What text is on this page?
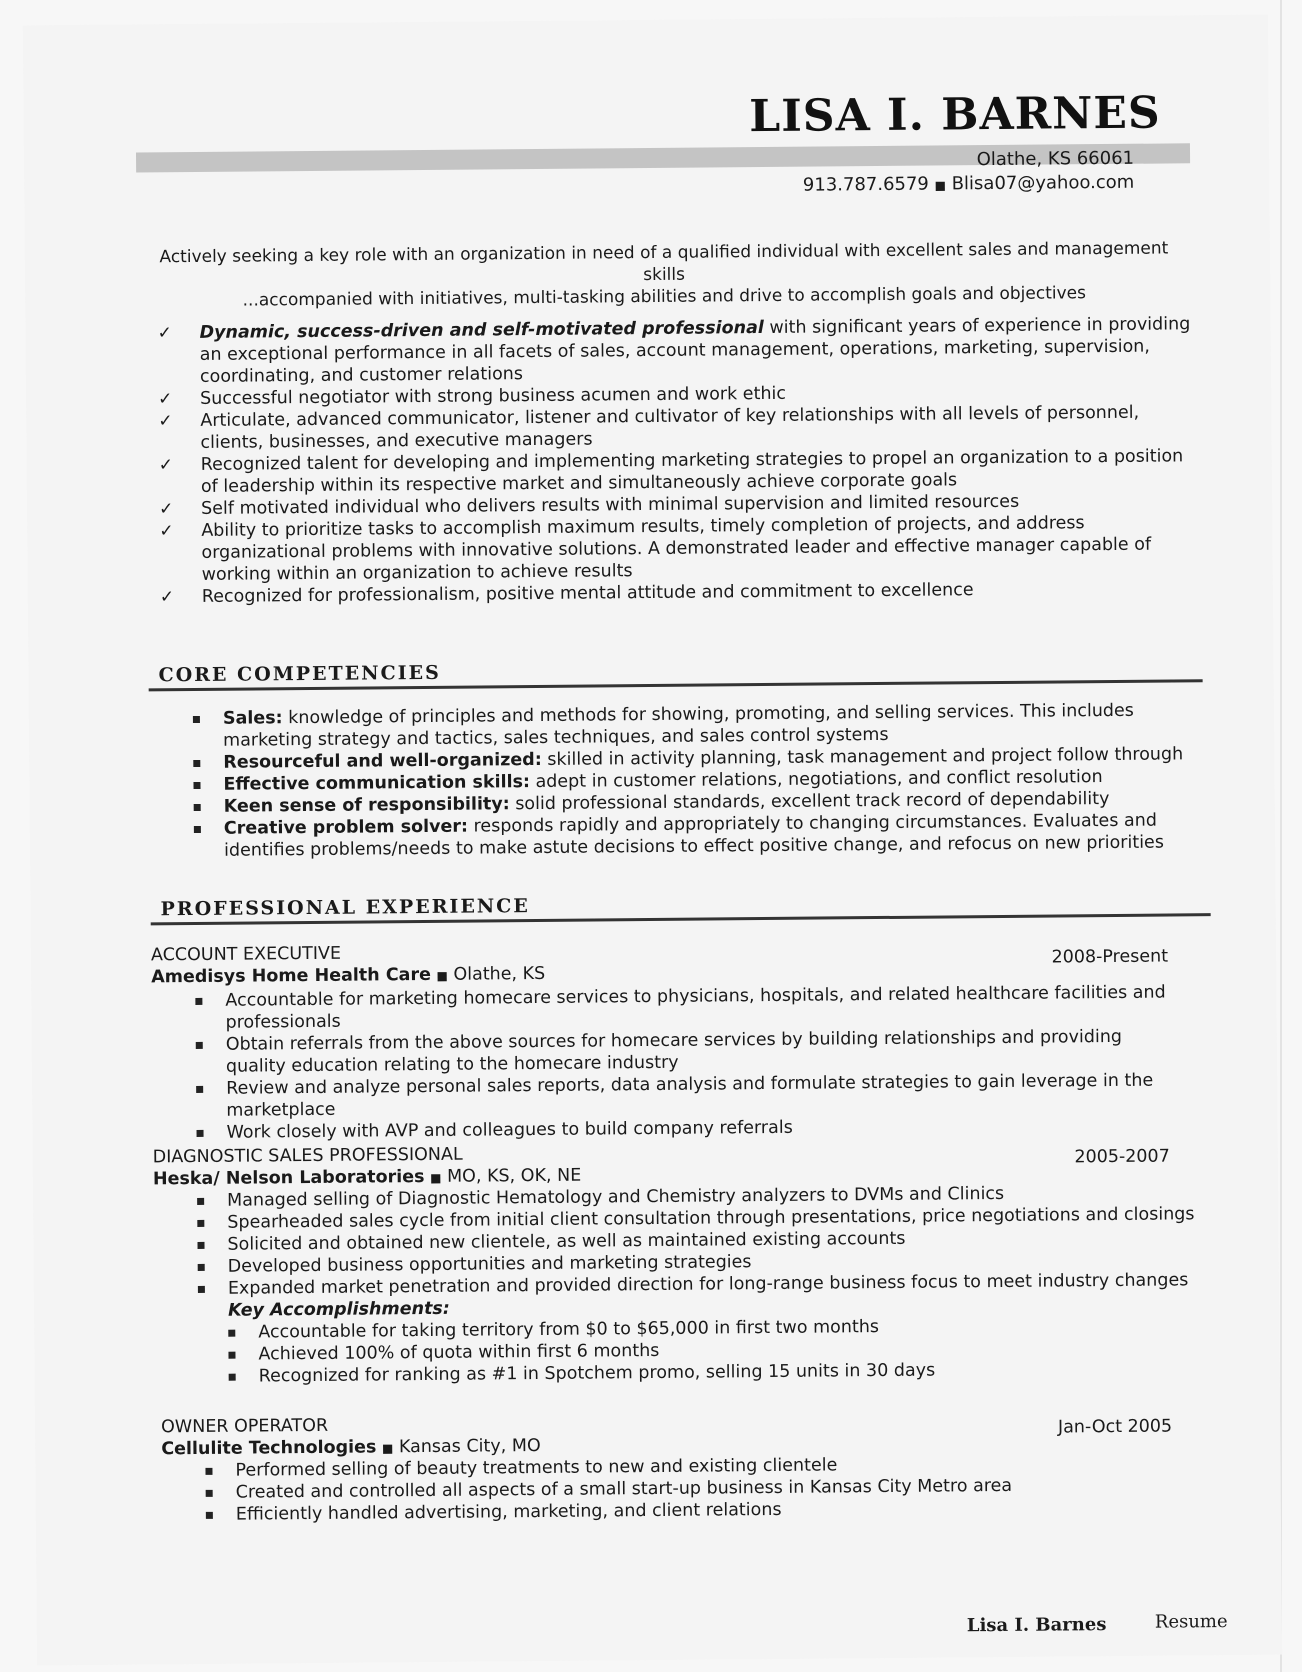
LISA I. BARNES
Olathe, KS 66061
913.787.6579 ■ Blisa07@yahoo.com
Actively seeking a key role with an organization in need of a qualified individual with excellent sales and management skills
...accompanied with initiatives, multi-tasking abilities and drive to accomplish goals and objectives
✓ Dynamic, success-driven and self-motivated professional with significant years of experience in providing an exceptional performance in all facets of sales, account management, operations, marketing, supervision, coordinating, and customer relations
✓ Successful negotiator with strong business acumen and work ethic
✓ Articulate, advanced communicator, listener and cultivator of key relationships with all levels of personnel, clients, businesses, and executive managers
✓ Recognized talent for developing and implementing marketing strategies to propel an organization to a position of leadership within its respective market and simultaneously achieve corporate goals
✓ Self motivated individual who delivers results with minimal supervision and limited resources
✓ Ability to prioritize tasks to accomplish maximum results, timely completion of projects, and address organizational problems with innovative solutions. A demonstrated leader and effective manager capable of working within an organization to achieve results
✓ Recognized for professionalism, positive mental attitude and commitment to excellence
CORE COMPETENCIES
Sales: knowledge of principles and methods for showing, promoting, and selling services. This includes marketing strategy and tactics, sales techniques, and sales control systems
Resourceful and well-organized: skilled in activity planning, task management and project follow through
Effective communication skills: adept in customer relations, negotiations, and conflict resolution
Keen sense of responsibility: solid professional standards, excellent track record of dependability
Creative problem solver: responds rapidly and appropriately to changing circumstances. Evaluates and identifies problems/needs to make astute decisions to effect positive change, and refocus on new priorities
PROFESSIONAL EXPERIENCE
ACCOUNT EXECUTIVE
Amedisys Home Health Care ■ Olathe, KS
2008-Present
Accountable for marketing homecare services to physicians, hospitals, and related healthcare facilities and professionals
Obtain referrals from the above sources for homecare services by building relationships and providing quality education relating to the homecare industry
Review and analyze personal sales reports, data analysis and formulate strategies to gain leverage in the marketplace
Work closely with AVP and colleagues to build company referrals
DIAGNOSTIC SALES PROFESSIONAL
Heska/ Nelson Laboratories ■ MO, KS, OK, NE
2005-2007
Managed selling of Diagnostic Hematology and Chemistry analyzers to DVMs and Clinics
Spearheaded sales cycle from initial client consultation through presentations, price negotiations and closings
Solicited and obtained new clientele, as well as maintained existing accounts
Developed business opportunities and marketing strategies
Expanded market penetration and provided direction for long-range business focus to meet industry changes
Key Accomplishments:
Accountable for taking territory from $0 to $65,000 in first two months
Achieved 100% of quota within first 6 months
Recognized for ranking as #1 in Spotchem promo, selling 15 units in 30 days
OWNER OPERATOR
Cellulite Technologies ■ Kansas City, MO
Jan-Oct 2005
Performed selling of beauty treatments to new and existing clientele
Created and controlled all aspects of a small start-up business in Kansas City Metro area
Efficiently handled advertising, marketing, and client relations
Lisa I. Barnes	Resume
